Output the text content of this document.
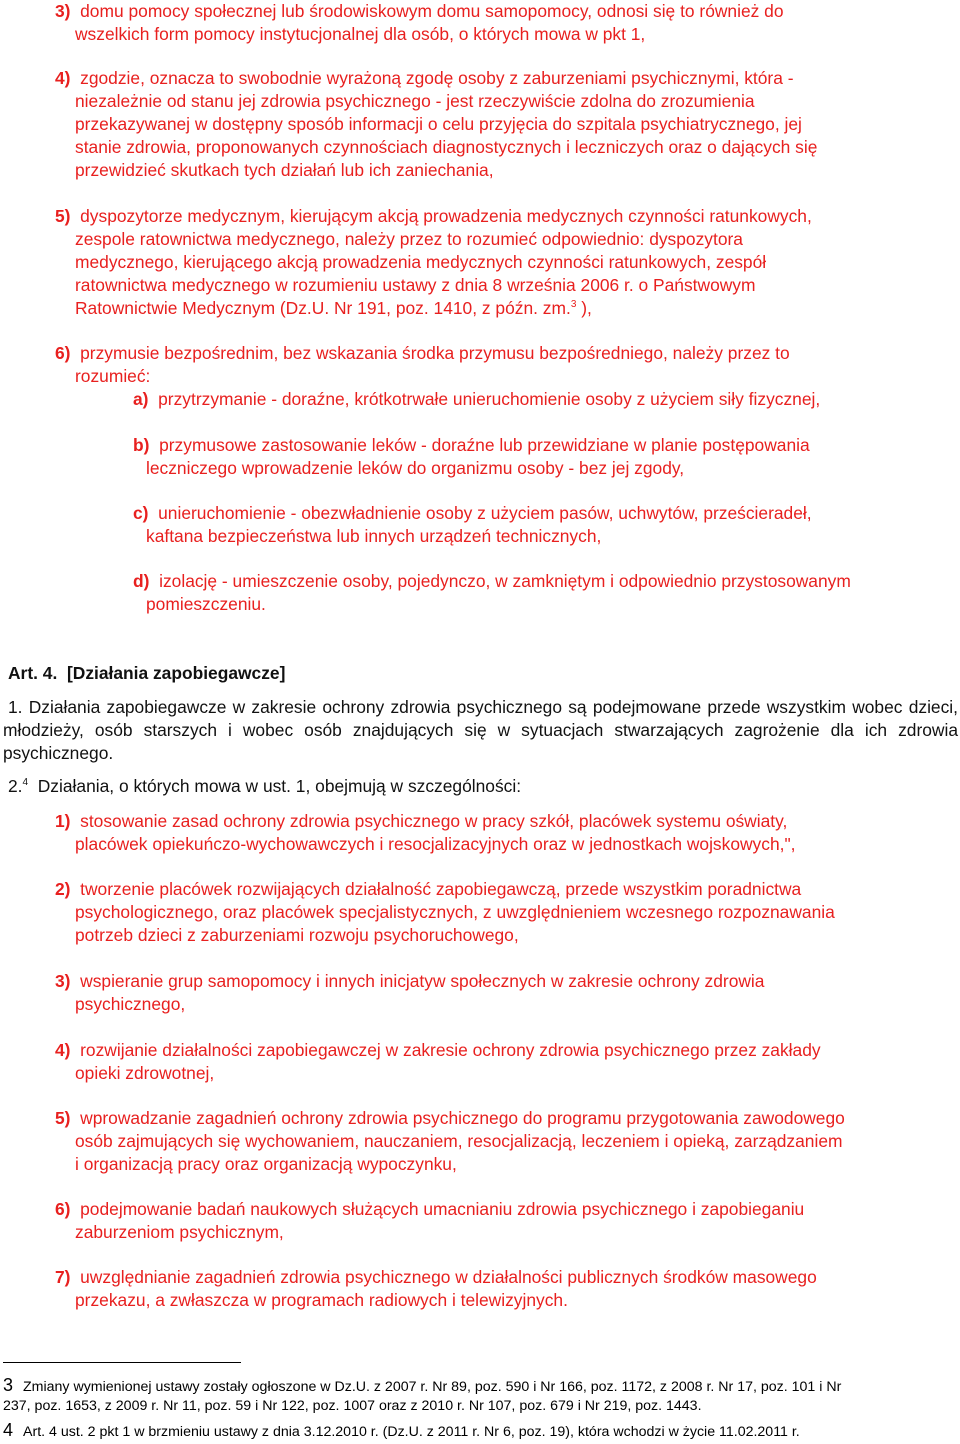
3) domu pomocy społecznej lub środowiskowym domu samopomocy, odnosi się to również do
wszelkich form pomocy instytucjonalnej dla osób, o których mowa w pkt 1,
4) zgodzie, oznacza to swobodnie wyrażoną zgodę osoby z zaburzeniami psychicznymi, która -
niezależnie od stanu jej zdrowia psychicznego - jest rzeczywiście zdolna do zrozumienia
przekazywanej w dostępny sposób informacji o celu przyjęcia do szpitala psychiatrycznego, jej
stanie zdrowia, proponowanych czynnościach diagnostycznych i leczniczych oraz o dających się
przewidzieć skutkach tych działań lub ich zaniechania,
5) dyspozytorze medycznym, kierującym akcją prowadzenia medycznych czynności ratunkowych,
zespole ratownictwa medycznego, należy przez to rozumieć odpowiednio: dyspozytora
medycznego, kierującego akcją prowadzenia medycznych czynności ratunkowych, zespół
ratownictwa medycznego w rozumieniu ustawy z dnia 8 września 2006 r. o Państwowym
Ratownictwie Medycznym (Dz.U. Nr 191, poz. 1410, z późn. zm.$^3$ ),
6) przymusie bezpośrednim, bez wskazania środka przymusu bezpośredniego, należy przez to
rozumieć:
a) przytrzymanie - doraźne, krótkotrwałe unieruchomienie osoby z użyciem siły fizycznej,
b) przymusowe zastosowanie leków - doraźne lub przewidziane w planie postępowania
leczniczego wprowadzenie leków do organizmu osoby - bez jej zgody,
c) unieruchomienie - obezwładnienie osoby z użyciem pasów, uchwytów, prześcieradeł,
kaftana bezpieczeństwa lub innych urządzeń technicznych,
d) izolację - umieszczenie osoby, pojedynczo, w zamkniętym i odpowiednio przystosowanym
pomieszczeniu.
Art. 4. [Działania zapobiegawcze]
1. Działania zapobiegawcze w zakresie ochrony zdrowia psychicznego są podejmowane przede wszystkim wobec dzieci, młodzieży, osób starszych i wobec osób znajdujących się w sytuacjach stwarzających zagrożenie dla ich zdrowia psychicznego.
2.$^4$ Działania, o których mowa w ust. 1, obejmują w szczególności:
1) stosowanie zasad ochrony zdrowia psychicznego w pracy szkół, placówek systemu oświaty,
placówek opiekuńczo-wychowawczych i resocjalizacyjnych oraz w jednostkach wojskowych,",
2) tworzenie placówek rozwijających działalność zapobiegawczą, przede wszystkim poradnictwa
psychologicznego, oraz placówek specjalistycznych, z uwzględnieniem wczesnego rozpoznawania
potrzeb dzieci z zaburzeniami rozwoju psychoruchowego,
3) wspieranie grup samopomocy i innych inicjatyw społecznych w zakresie ochrony zdrowia
psychicznego,
4) rozwijanie działalności zapobiegawczej w zakresie ochrony zdrowia psychicznego przez zakłady
opieki zdrowotnej,
5) wprowadzanie zagadnień ochrony zdrowia psychicznego do programu przygotowania zawodowego
osób zajmujących się wychowaniem, nauczaniem, resocjalizacją, leczeniem i opieką, zarządzaniem
i organizacją pracy oraz organizacją wypoczynku,
6) podejmowanie badań naukowych służących umacnianiu zdrowia psychicznego i zapobieganiu
zaburzeniom psychicznym,
7) uwzględnianie zagadnień zdrowia psychicznego w działalności publicznych środków masowego
przekazu, a zwłaszcza w programach radiowych i telewizyjnych.
3 Zmiany wymienionej ustawy zostały ogłoszone w Dz.U. z 2007 r. Nr 89, poz. 590 i Nr 166, poz. 1172, z 2008 r. Nr 17, poz. 101 i Nr
237, poz. 1653, z 2009 r. Nr 11, poz. 59 i Nr 122, poz. 1007 oraz z 2010 r. Nr 107, poz. 679 i Nr 219, poz. 1443.
4 Art. 4 ust. 2 pkt 1 w brzmieniu ustawy z dnia 3.12.2010 r. (Dz.U. z 2011 r. Nr 6, poz. 19), która wchodzi w życie 11.02.2011 r.
